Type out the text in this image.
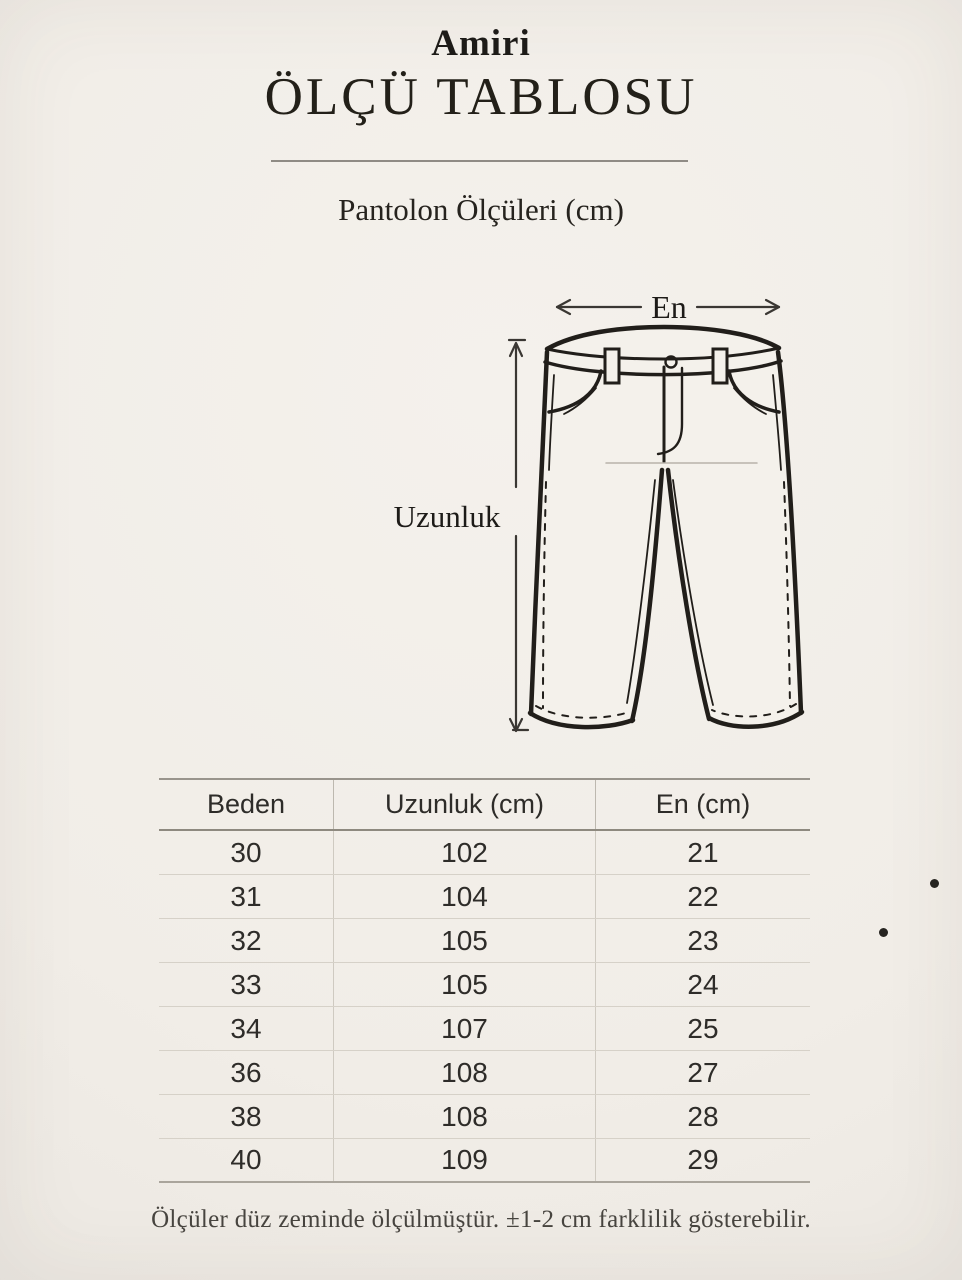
Amiri
ÖLÇÜ TABLOSU
Pantolon Ölçüleri (cm)
En
Uzunluk
Beden	Uzunluk (cm)	En (cm)
30	102	21
31	104	22
32	105	23
33	105	24
34	107	25
36	108	27
38	108	28
40	109	29
Ölçüler düz zeminde ölçülmüştür. ±1-2 cm farklilik gösterebilir.
